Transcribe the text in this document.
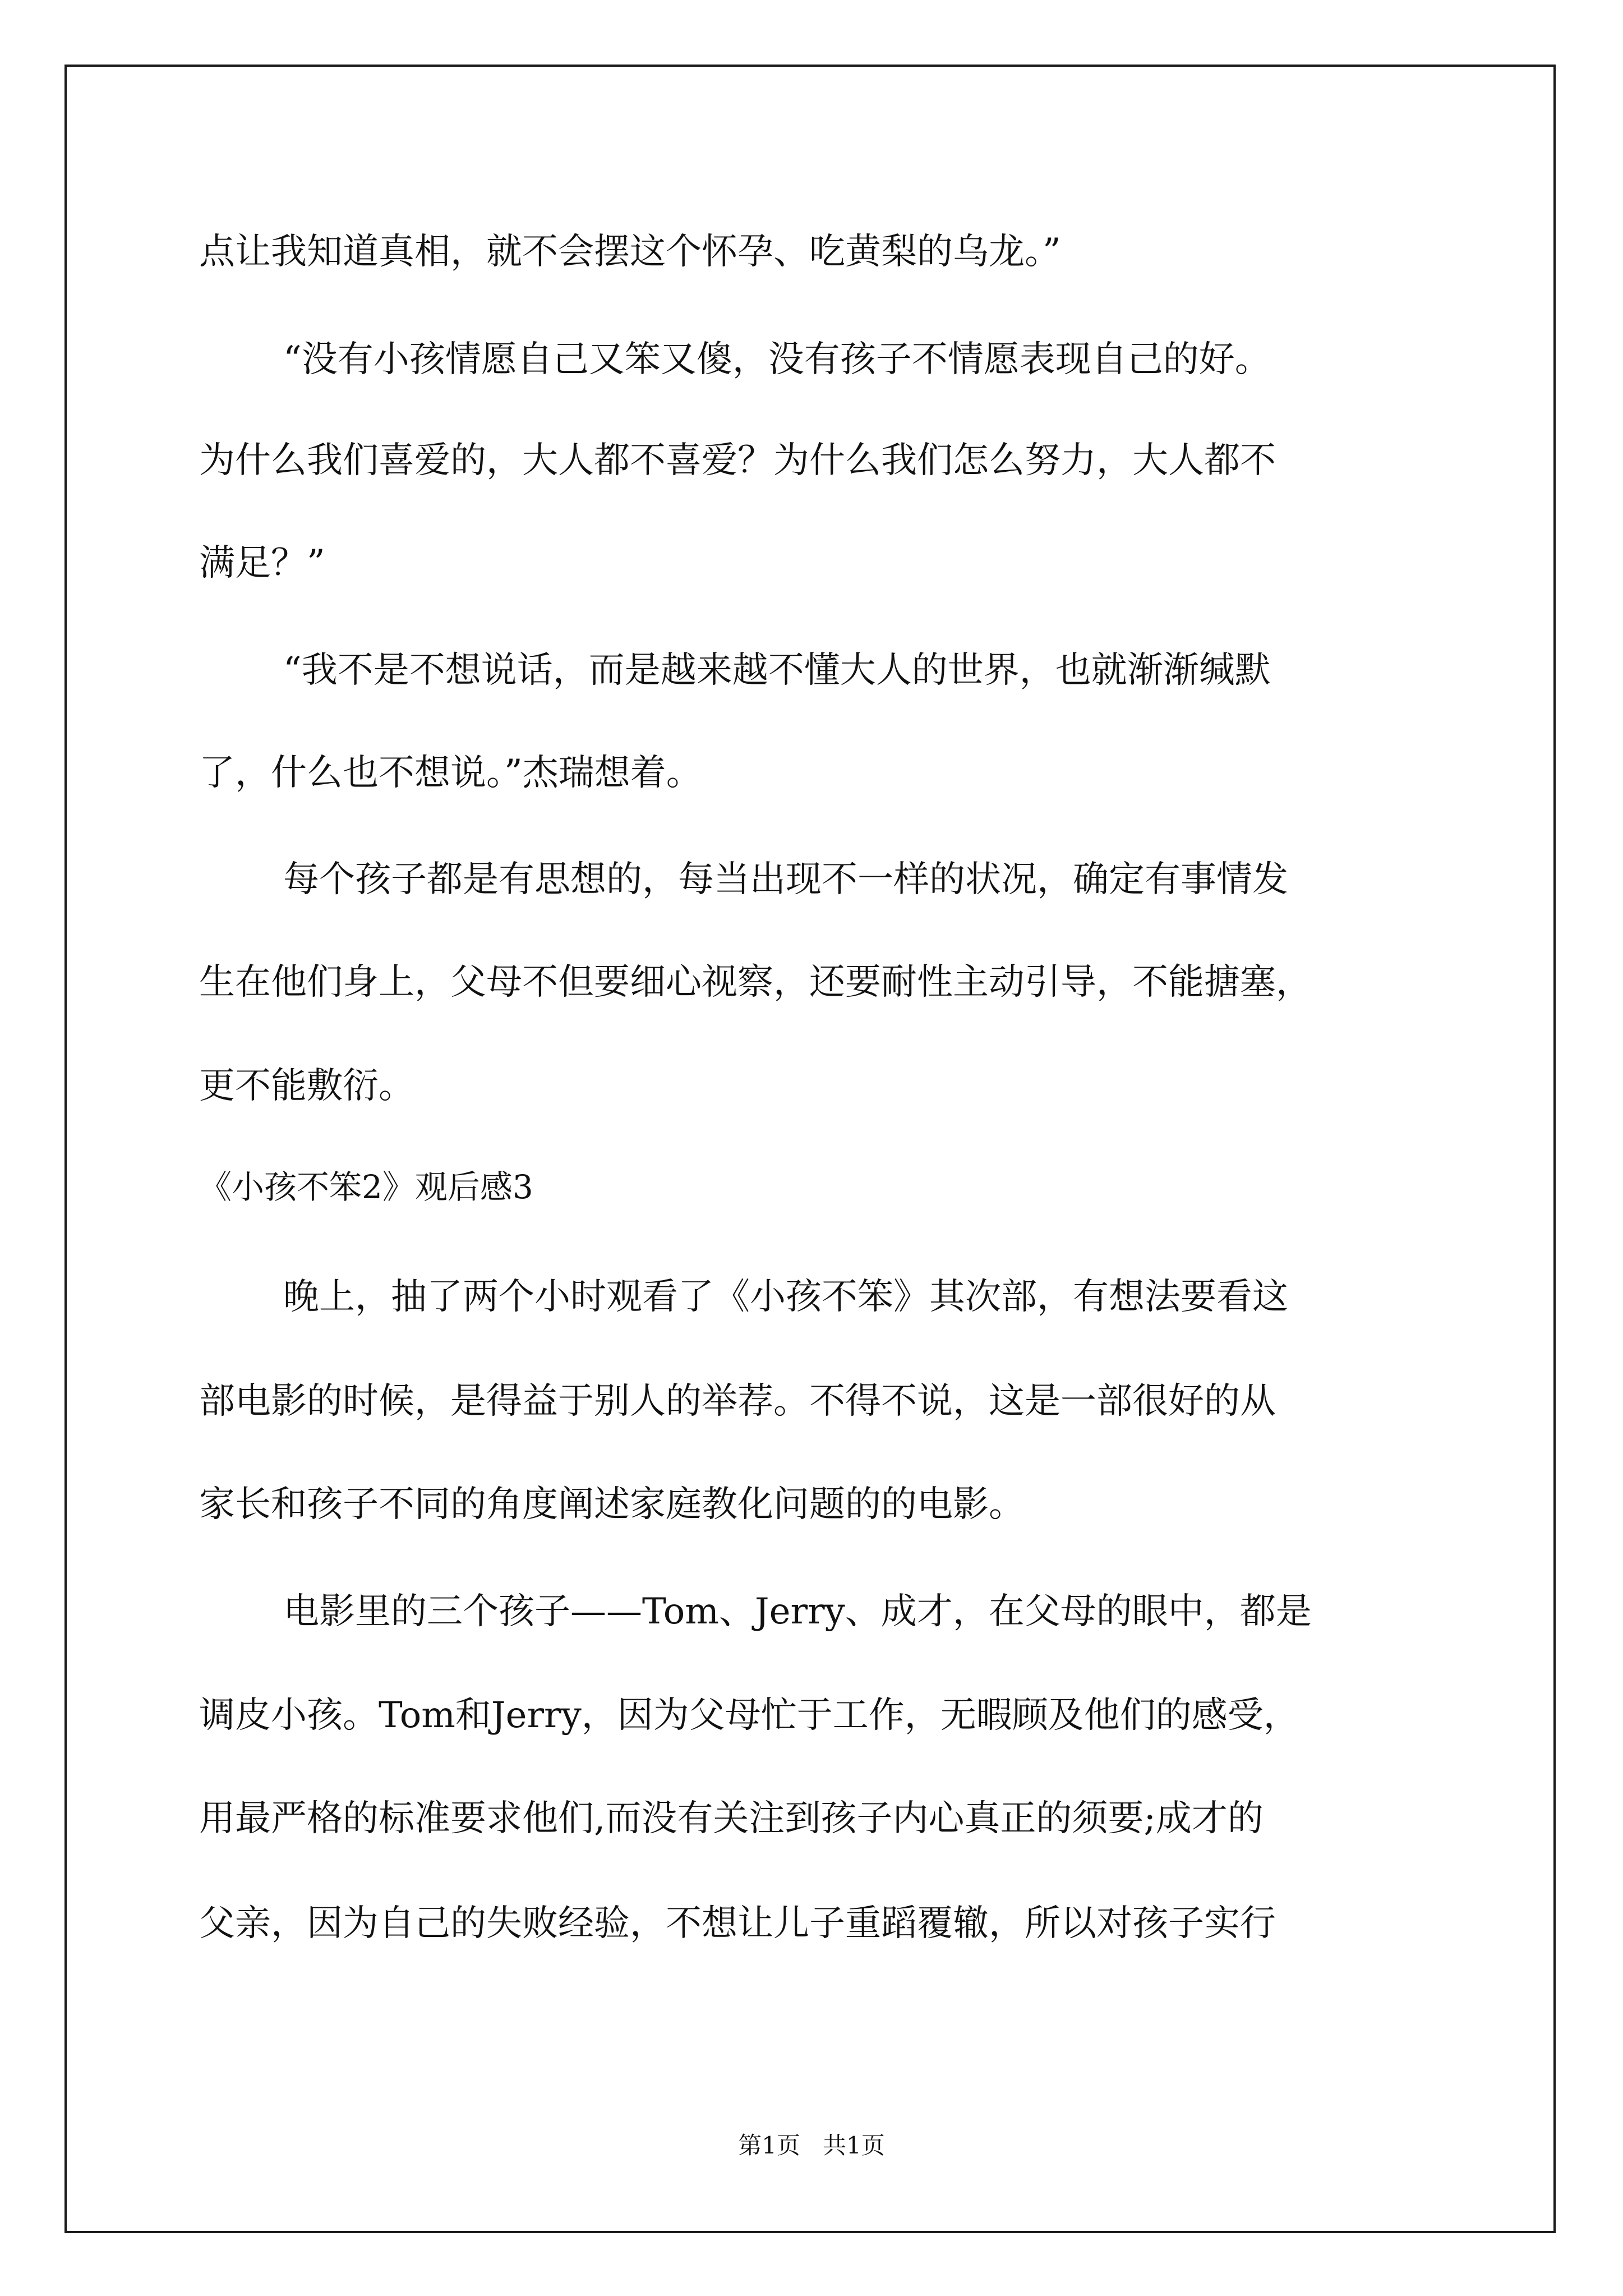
点让我知道真相，就不会摆这个怀孕、吃黄梨的乌龙。”
“没有小孩情愿自己又笨又傻，没有孩子不情愿表现自己的好。
为什么我们喜爱的，大人都不喜爱？为什么我们怎么努力，大人都不
满足？”
“我不是不想说话，而是越来越不懂大人的世界，也就渐渐缄默
了，什么也不想说。”杰瑞想着。
每个孩子都是有思想的，每当出现不一样的状况，确定有事情发
生在他们身上，父母不但要细心视察，还要耐性主动引导，不能搪塞，
更不能敷衍。
《小孩不笨2》观后感3
晚上，抽了两个小时观看了《小孩不笨》其次部，有想法要看这
部电影的时候，是得益于别人的举荐。不得不说，这是一部很好的从
家长和孩子不同的角度阐述家庭教化问题的的电影。
电影里的三个孩子——Tom、Jerry、成才，在父母的眼中，都是
调皮小孩。Tom和Jerry，因为父母忙于工作，无暇顾及他们的感受，
用最严格的标准要求他们,而没有关注到孩子内心真正的须要;成才的
父亲，因为自己的失败经验，不想让儿子重蹈覆辙，所以对孩子实行
第1页   共1页
